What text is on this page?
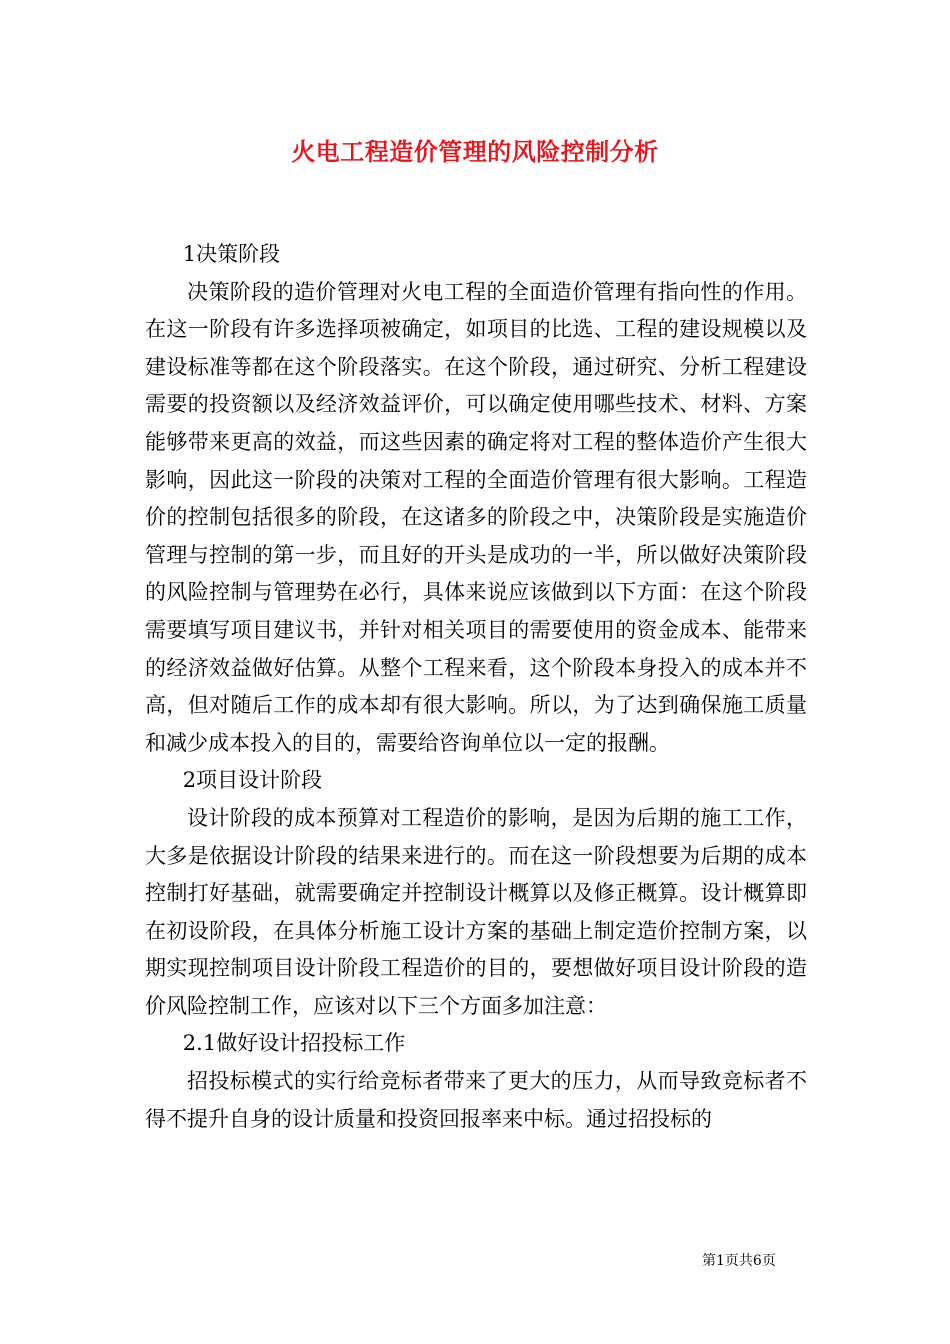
火电工程造价管理的风险控制分析

1决策阶段

决策阶段的造价管理对火电工程的全面造价管理有指向性的作用。在这一阶段有许多选择项被确定，如项目的比选、工程的建设规模以及建设标准等都在这个阶段落实。在这个阶段，通过研究、分析工程建设需要的投资额以及经济效益评价，可以确定使用哪些技术、材料、方案能够带来更高的效益，而这些因素的确定将对工程的整体造价产生很大影响，因此这一阶段的决策对工程的全面造价管理有很大影响。工程造价的控制包括很多的阶段，在这诸多的阶段之中，决策阶段是实施造价管理与控制的第一步，而且好的开头是成功的一半，所以做好决策阶段的风险控制与管理势在必行，具体来说应该做到以下方面：在这个阶段需要填写项目建议书，并针对相关项目的需要使用的资金成本、能带来的经济效益做好估算。从整个工程来看，这个阶段本身投入的成本并不高，但对随后工作的成本却有很大影响。所以，为了达到确保施工质量和减少成本投入的目的，需要给咨询单位以一定的报酬。

2项目设计阶段

设计阶段的成本预算对工程造价的影响，是因为后期的施工工作，大多是依据设计阶段的结果来进行的。而在这一阶段想要为后期的成本控制打好基础，就需要确定并控制设计概算以及修正概算。设计概算即在初设阶段，在具体分析施工设计方案的基础上制定造价控制方案，以期实现控制项目设计阶段工程造价的目的，要想做好项目设计阶段的造价风险控制工作，应该对以下三个方面多加注意：

2.1做好设计招投标工作

招投标模式的实行给竞标者带来了更大的压力，从而导致竞标者不得不提升自身的设计质量和投资回报率来中标。通过招投标的

第1页共6页
